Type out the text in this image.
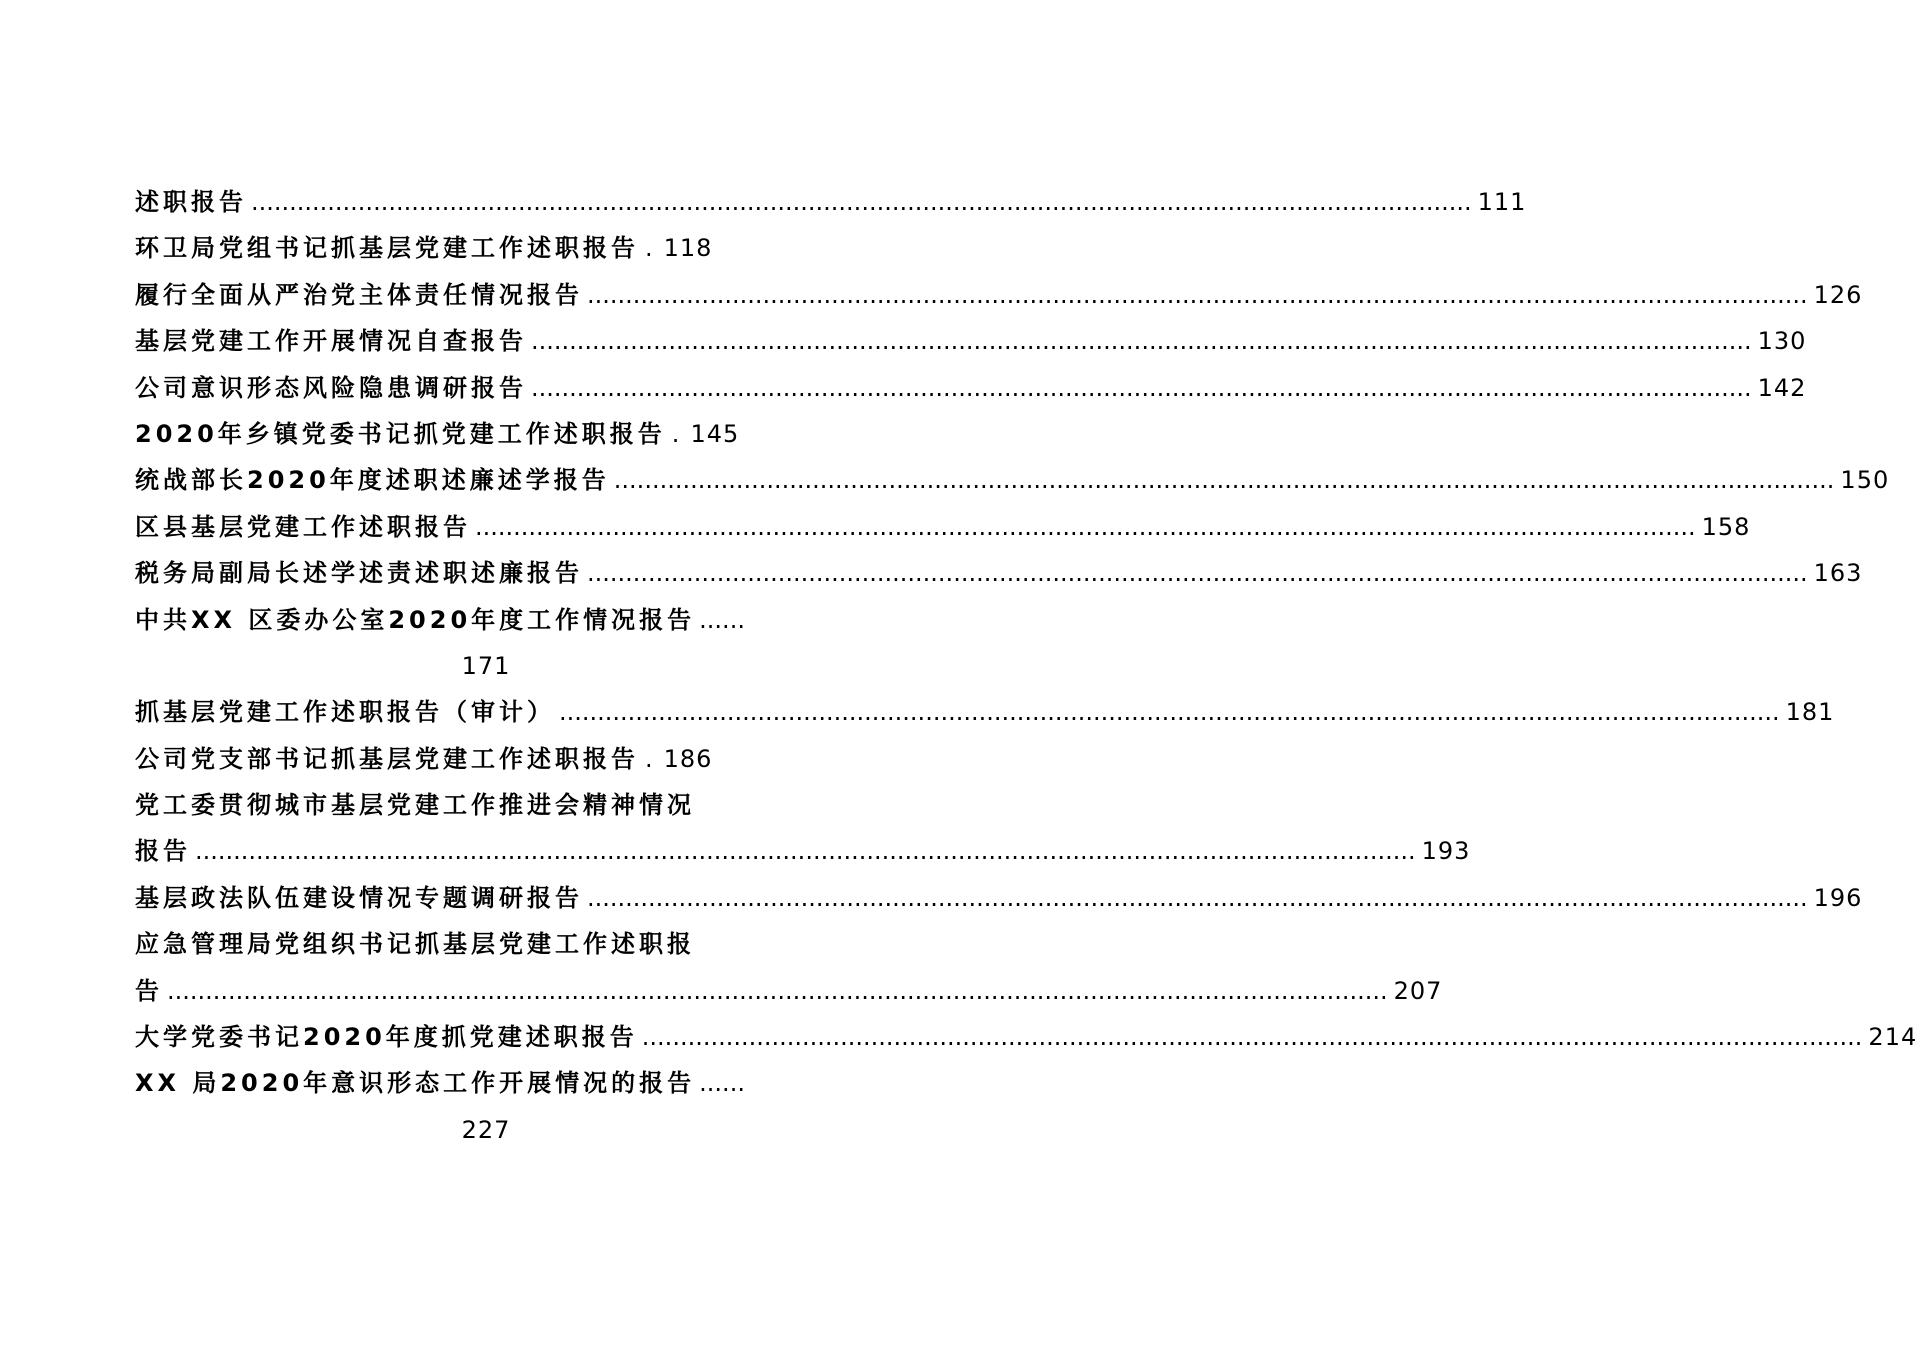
述职报告 .....	111
环卫局党组书记抓基层党建工作述职报告 . 118
履行全面从严治党主体责任情况报告 .....	126
基层党建工作开展情况自查报告 .....	130
公司意识形态风险隐患调研报告 .....	142
2020年乡镇党委书记抓党建工作述职报告 . 145
统战部长2020年度述职述廉述学报告 .....	150
区县基层党建工作述职报告 .....	158
税务局副局长述学述责述职述廉报告 .....	163
中共XX 区委办公室2020年度工作情况报告 ......
171
抓基层党建工作述职报告（审计） .....	181
公司党支部书记抓基层党建工作述职报告 . 186
党工委贯彻城市基层党建工作推进会精神情况
报告 .....	193
基层政法队伍建设情况专题调研报告 .....	196
应急管理局党组织书记抓基层党建工作述职报
告 .....	207
大学党委书记2020年度抓党建述职报告 .....	214
XX 局2020年意识形态工作开展情况的报告 ......
227
